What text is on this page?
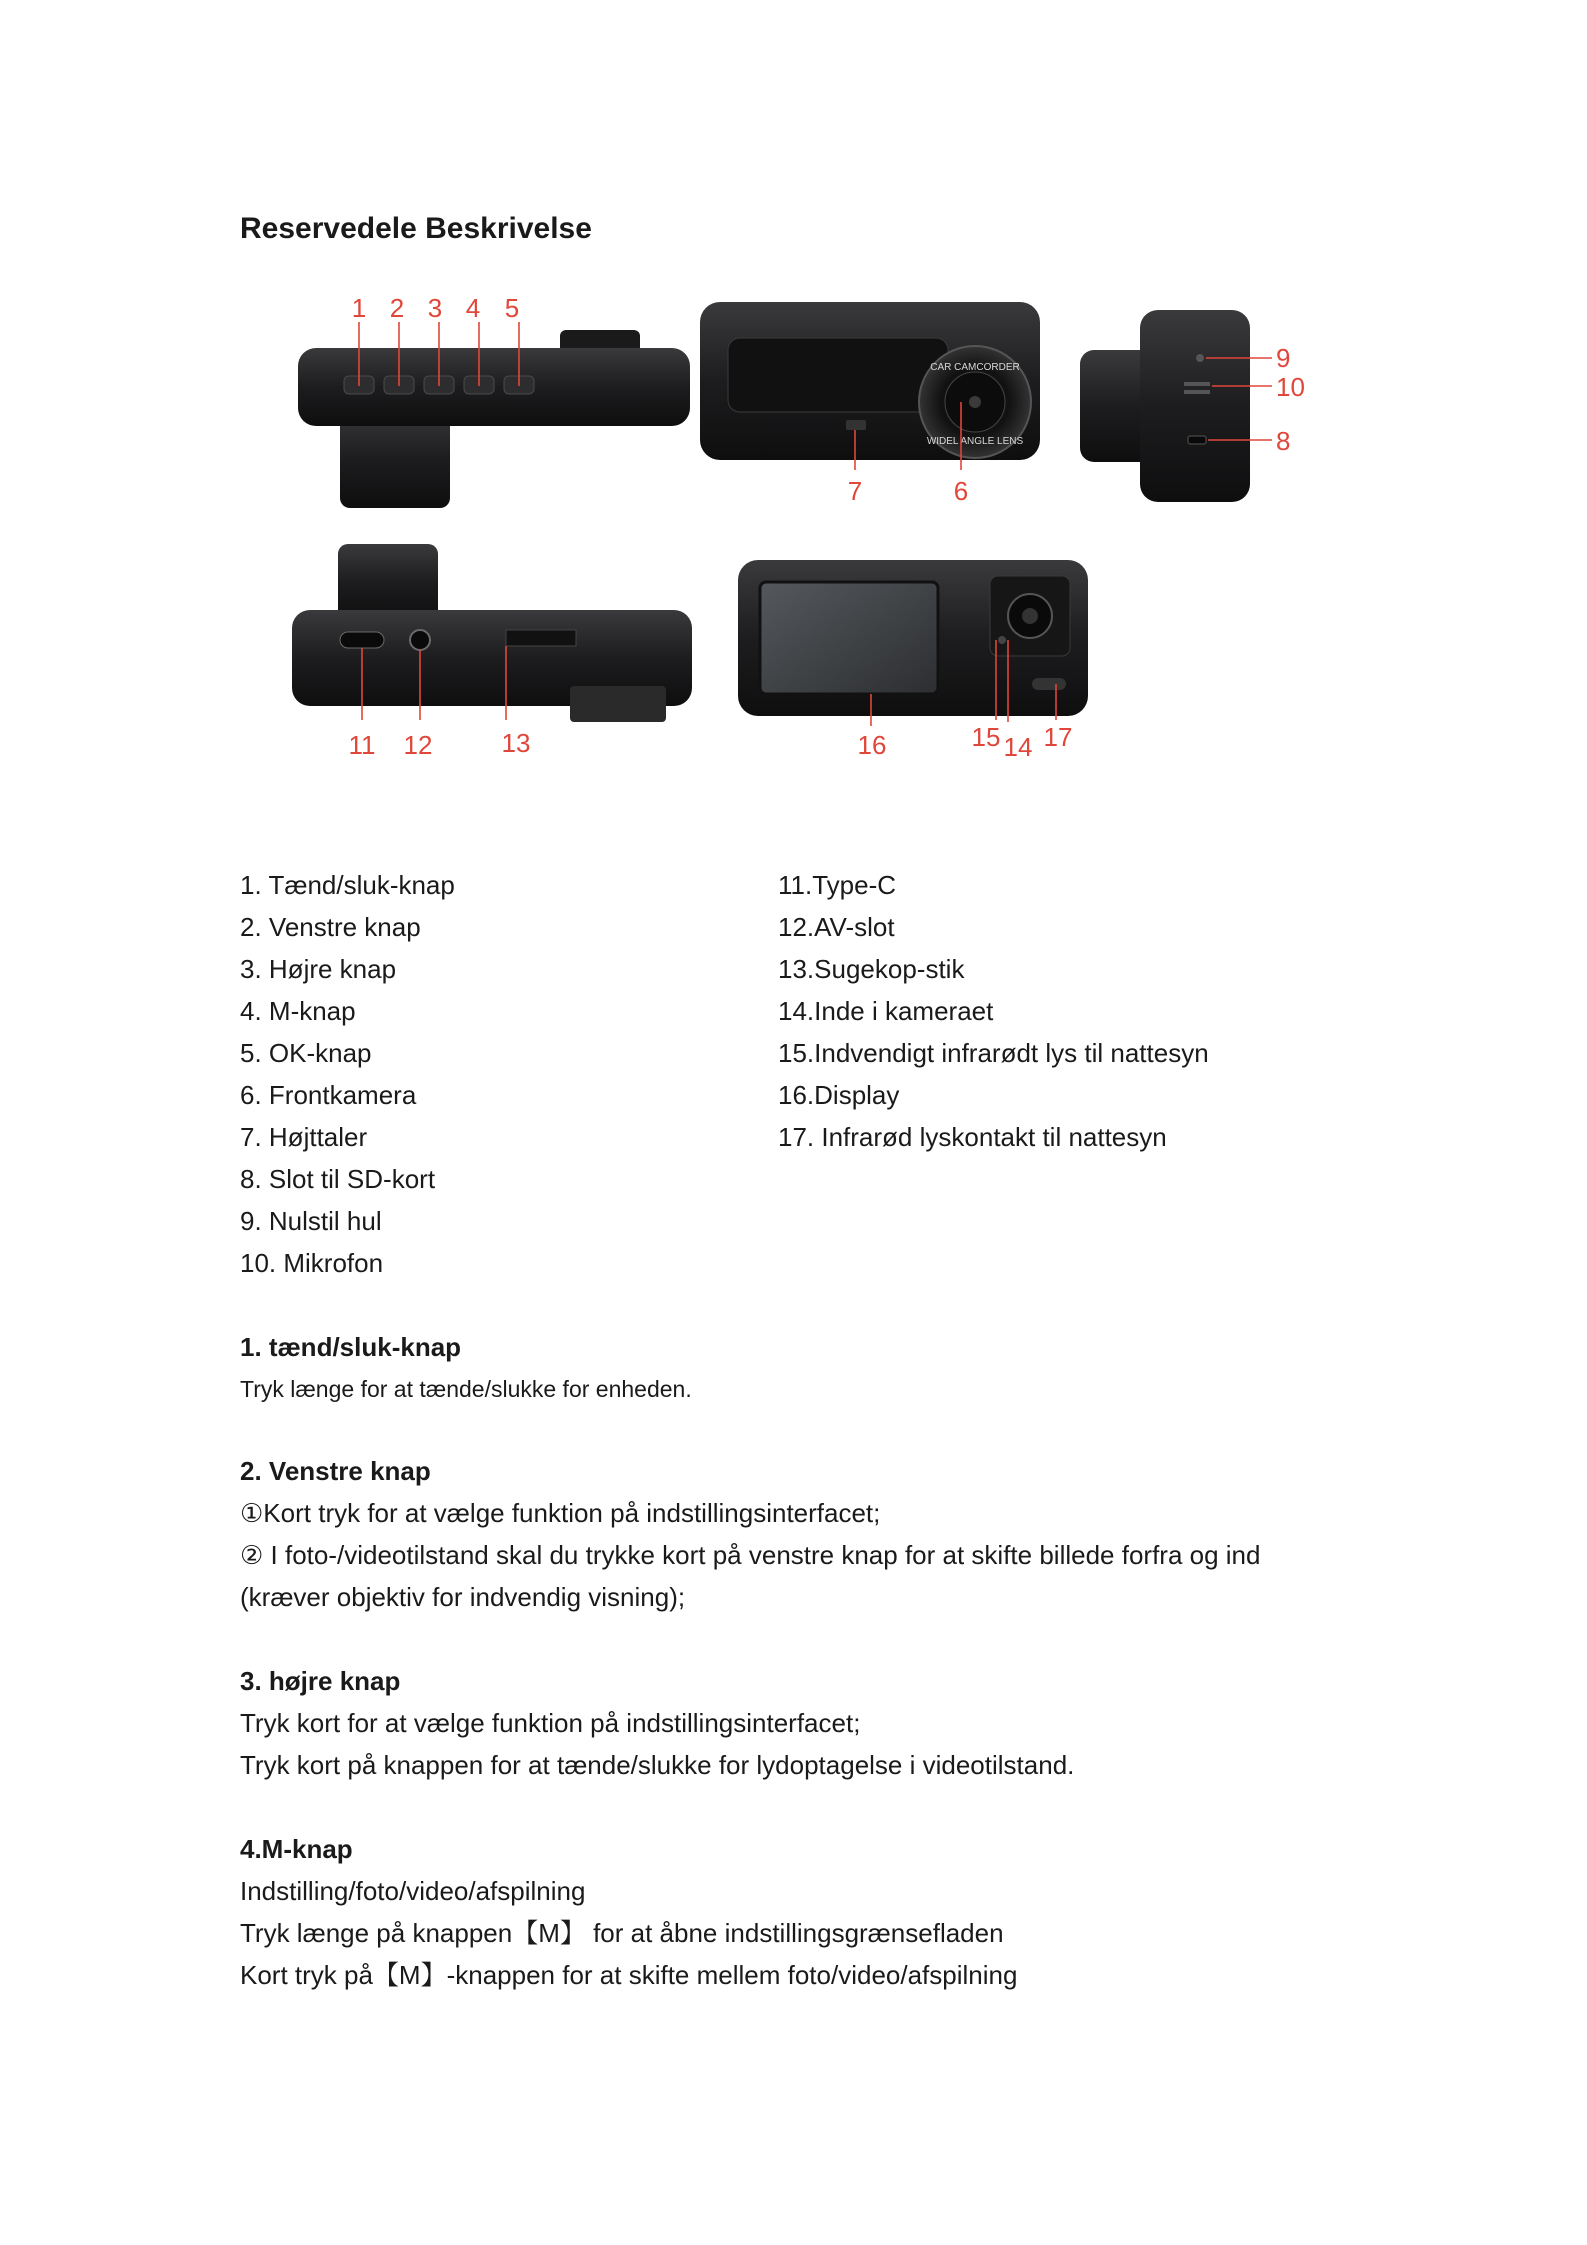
Reservedele Beskrivelse
1 2 3 4 5
CAR CAMCORDER
WIDEL ANGLE LENS
7	6
9
10
8
11 12	13	16	15 14 17
1. Tænd/sluk-knap
2. Venstre knap
3. Højre knap
4. M-knap
5. OK-knap
6. Frontkamera
7. Højttaler
8. Slot til SD-kort
9. Nulstil hul
10. Mikrofon
11.Type-C
12.AV-slot
13.Sugekop-stik
14.Inde i kameraet
15.Indvendigt infrarødt lys til nattesyn
16.Display
17. Infrarød lyskontakt til nattesyn
1. tænd/sluk-knap

Tryk længe for at tænde/slukke for enheden.

2. Venstre knap

①Kort tryk for at vælge funktion på indstillingsinterfacet;

② I foto-/videotilstand skal du trykke kort på venstre knap for at skifte billede forfra og ind

(kræver objektiv for indvendig visning);

3. højre knap

Tryk kort for at vælge funktion på indstillingsinterfacet;

Tryk kort på knappen for at tænde/slukke for lydoptagelse i videotilstand.

4.M-knap

Indstilling/foto/video/afspilning

Tryk længe på knappen【M】 for at åbne indstillingsgrænsefladen

Kort tryk på【M】-knappen for at skifte mellem foto/video/afspilning
